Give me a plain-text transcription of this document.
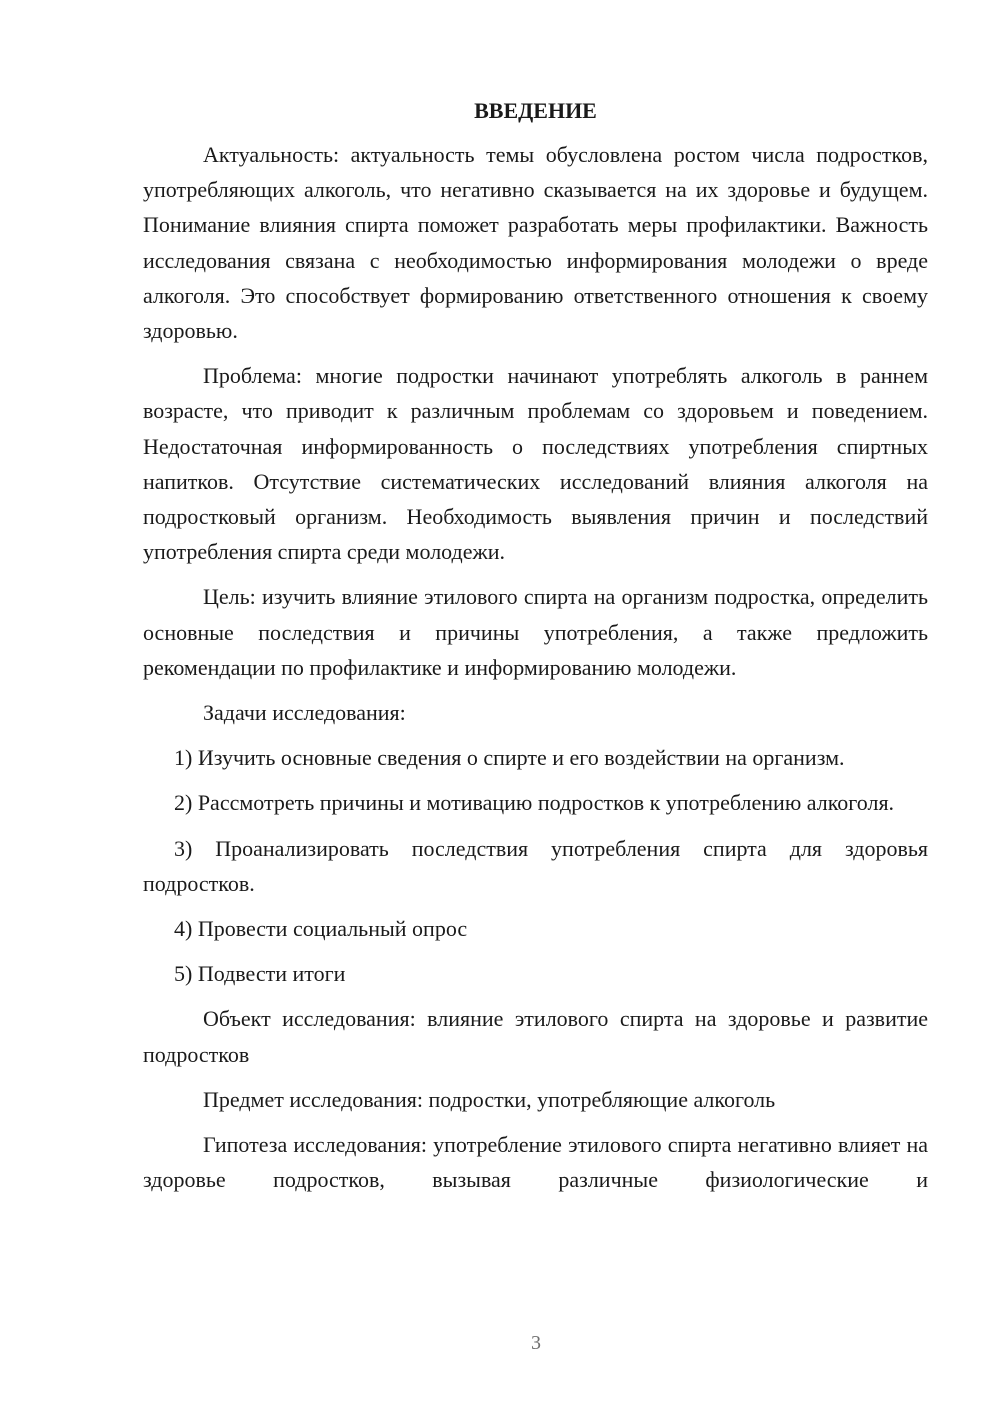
ВВЕДЕНИЕ

Актуальность: актуальность темы обусловлена ростом числа подростков, употребляющих алкоголь, что негативно сказывается на их здоровье и будущем. Понимание влияния спирта поможет разработать меры профилактики. Важность исследования связана с необходимостью информирования молодежи о вреде алкоголя. Это способствует формированию ответственного отношения к своему здоровью.

Проблема: многие подростки начинают употреблять алкоголь в раннем возрасте, что приводит к различным проблемам со здоровьем и поведением. Недостаточная информированность о последствиях употребления спиртных напитков. Отсутствие систематических исследований влияния алкоголя на подростковый организм. Необходимость выявления причин и последствий употребления спирта среди молодежи.

Цель: изучить влияние этилового спирта на организм подростка, определить основные последствия и причины употребления, а также предложить рекомендации по профилактике и информированию молодежи.

Задачи исследования:

1) Изучить основные сведения о спирте и его воздействии на организм.

2) Рассмотреть причины и мотивацию подростков к употреблению алкоголя.

3) Проанализировать последствия употребления спирта для здоровья подростков.

4) Провести социальный опрос

5) Подвести итоги

Объект исследования: влияние этилового спирта на здоровье и развитие подростков

Предмет исследования: подростки, употребляющие алкоголь

Гипотеза исследования: употребление этилового спирта негативно влияет на здоровье подростков, вызывая различные физиологические и

3
